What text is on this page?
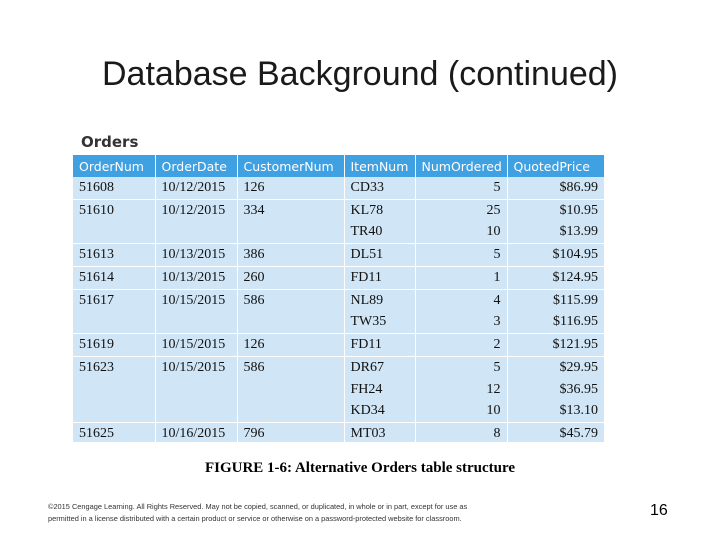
Database Background (continued)
Orders
OrderNum	OrderDate	CustomerNum	ItemNum	NumOrdered	QuotedPrice
51608	10/12/2015	126	CD33	5	$86.99
51610	10/12/2015	334	KL78	25	$10.95
			TR40	10	$13.99
51613	10/13/2015	386	DL51	5	$104.95
51614	10/13/2015	260	FD11	1	$124.95
51617	10/15/2015	586	NL89	4	$115.99
			TW35	3	$116.95
51619	10/15/2015	126	FD11	2	$121.95
51623	10/15/2015	586	DR67	5	$29.95
			FH24	12	$36.95
			KD34	10	$13.10
51625	10/16/2015	796	MT03	8	$45.79
FIGURE 1-6: Alternative Orders table structure
©2015 Cengage Learning. All Rights Reserved. May not be copied, scanned, or duplicated, in whole or in part, except for use as
permitted in a license distributed with a certain product or service or otherwise on a password-protected website for classroom.	16
